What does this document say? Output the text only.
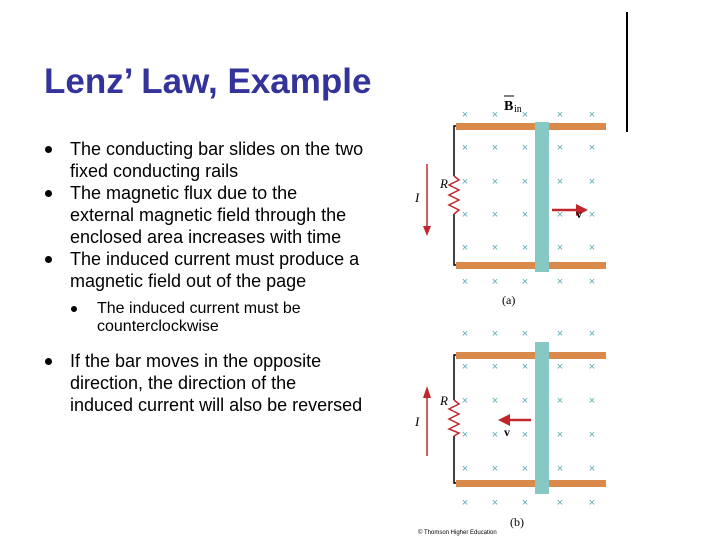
Lenz’ Law, Example
The conducting bar slides on the two fixed conducting rails
The magnetic flux due to the external magnetic field through the enclosed area increases with time
The induced current must produce a magnetic field out of the page
The induced current must be counterclockwise
If the bar moves in the opposite direction, the direction of the induced current will also be reversed
× × ×	× ×
× × ×	× ×
× × ×	× ×
× × ×	× ×
× × ×	× ×
× × ×	× ×
B in
R
I
v
(a)
× × ×	× ×
× × ×	× ×
× × ×	× ×
× × ×	× ×
× × ×	× ×
× × ×	× ×
R
I
v
(b)
© Thomson Higher Education
